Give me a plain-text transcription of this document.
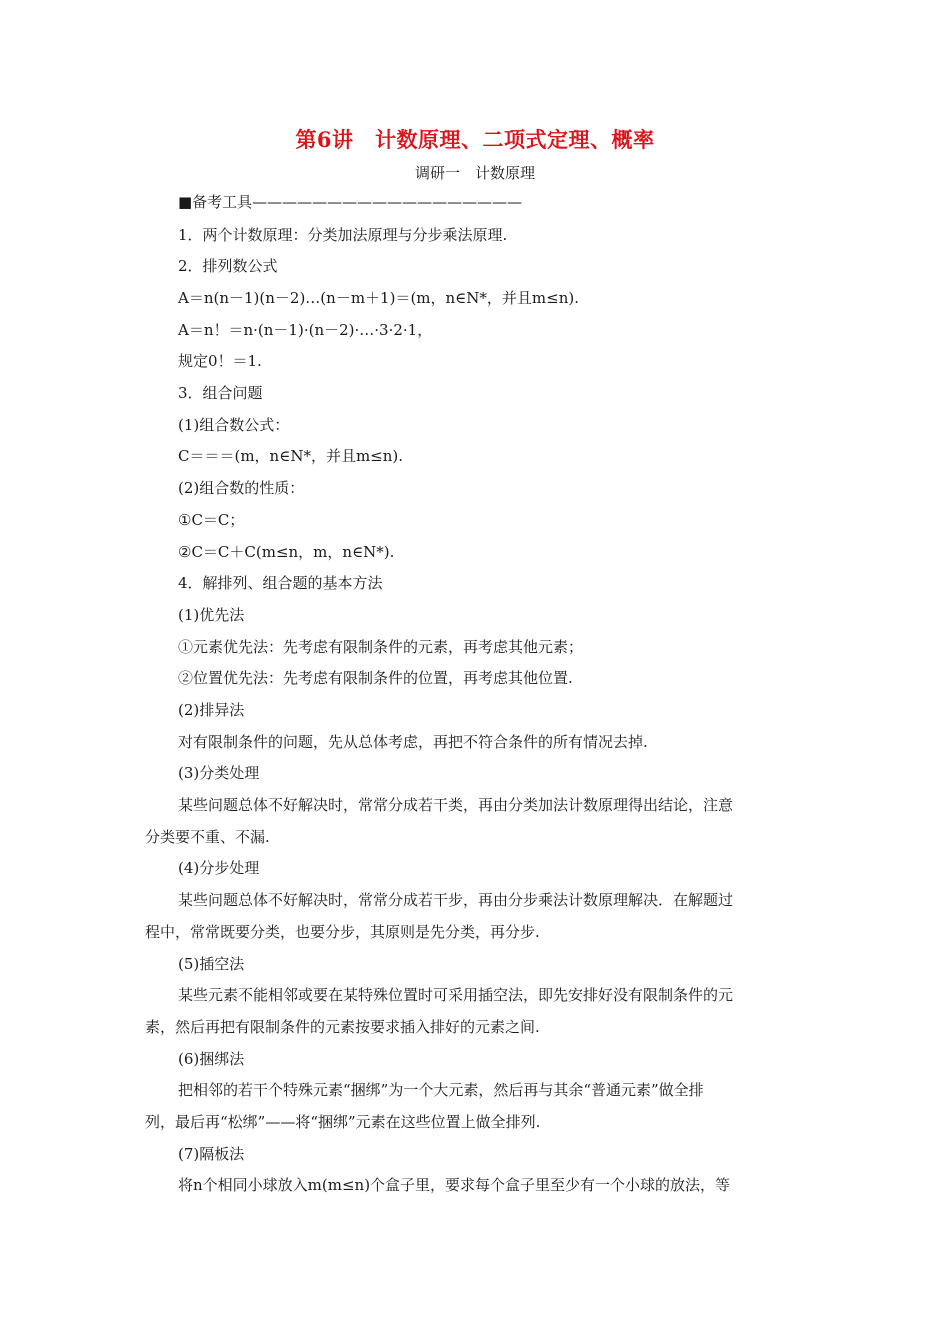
第6讲　计数原理、二项式定理、概率
调研一　计数原理
■备考工具——————————————————
1．两个计数原理：分类加法原理与分步乘法原理.
2．排列数公式
A＝n(n－1)(n－2)…(n－m＋1)＝(m，n∈N*，并且m≤n).
A＝n！＝n·(n－1)·(n－2)·…·3·2·1，
规定0！＝1.
3．组合问题
(1)组合数公式：
C＝＝＝(m，n∈N*，并且m≤n).
(2)组合数的性质：
①C＝C；
②C＝C＋C(m≤n，m，n∈N*).
4．解排列、组合题的基本方法
(1)优先法
①元素优先法：先考虑有限制条件的元素，再考虑其他元素；
②位置优先法：先考虑有限制条件的位置，再考虑其他位置.
(2)排异法
对有限制条件的问题，先从总体考虑，再把不符合条件的所有情况去掉.
(3)分类处理
某些问题总体不好解决时，常常分成若干类，再由分类加法计数原理得出结论，注意
分类要不重、不漏.
(4)分步处理
某些问题总体不好解决时，常常分成若干步，再由分步乘法计数原理解决．在解题过
程中，常常既要分类，也要分步，其原则是先分类，再分步.
(5)插空法
某些元素不能相邻或要在某特殊位置时可采用插空法，即先安排好没有限制条件的元
素，然后再把有限制条件的元素按要求插入排好的元素之间.
(6)捆绑法
把相邻的若干个特殊元素“捆绑”为一个大元素，然后再与其余“普通元素”做全排
列，最后再“松绑”——将“捆绑”元素在这些位置上做全排列.
(7)隔板法
将n个相同小球放入m(m≤n)个盒子里，要求每个盒子里至少有一个小球的放法，等
